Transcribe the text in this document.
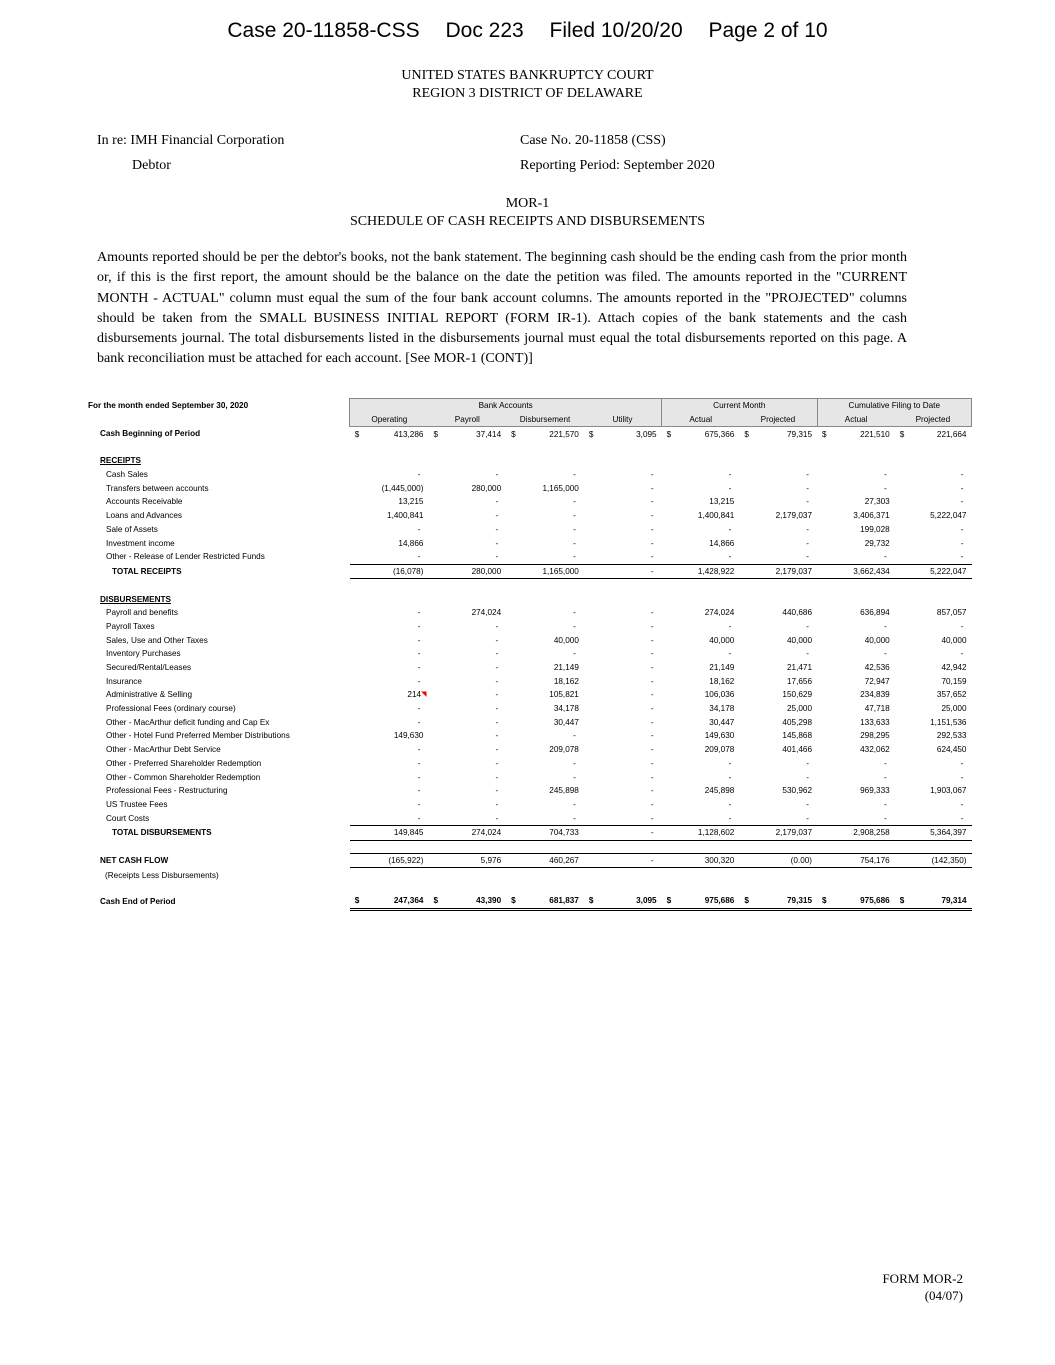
Case 20-11858-CSS Doc 223 Filed 10/20/20 Page 2 of 10
UNITED STATES BANKRUPTCY COURT
REGION 3 DISTRICT OF DELAWARE
In re: IMH Financial Corporation
Debtor
Case No. 20-11858 (CSS)
Reporting Period: September 2020
MOR-1
SCHEDULE OF CASH RECEIPTS AND DISBURSEMENTS
Amounts reported should be per the debtor's books, not the bank statement. The beginning cash should be the ending cash from the prior month or, if this is the first report, the amount should be the balance on the date the petition was filed. The amounts reported in the "CURRENT MONTH - ACTUAL" column must equal the sum of the four bank account columns. The amounts reported in the "PROJECTED" columns should be taken from the SMALL BUSINESS INITIAL REPORT (FORM IR-1). Attach copies of the bank statements and the cash disbursements journal. The total disbursements listed in the disbursements journal must equal the total disbursements reported on this page. A bank reconciliation must be attached for each account. [See MOR-1 (CONT)]
For the month ended September 30, 2020	Bank Accounts				Current Month		Cumulative Filing to Date	
	Operating	Payroll	Disbursement	Utility	Actual	Projected	Actual	Projected
Cash Beginning of Period	$ 413,286	$ 37,414	$ 221,570	$ 3,095	$ 675,366	$ 79,315	$ 221,510	$ 221,664

RECEIPTS								
Cash Sales	-	-	-	-	-	-	-	-
Transfers between accounts	(1,445,000)	280,000	1,165,000	-	-	-	-	-
Accounts Receivable	13,215	-	-	-	13,215	-	27,303	-
Loans and Advances	1,400,841	-	-	-	1,400,841	2,179,037	3,406,371	5,222,047
Sale of Assets	-	-	-	-	-	-	199,028	-
Investment income	14,866	-	-	-	14,866	-	29,732	-
Other - Release of Lender Restricted Funds	-	-	-	-	-	-	-	-
TOTAL RECEIPTS	(16,078)	280,000	1,165,000	-	1,428,922	2,179,037	3,662,434	5,222,047

DISBURSEMENTS								
Payroll and benefits	-	274,024	-	-	274,024	440,686	636,894	857,057
Payroll Taxes	-	-	-	-	-	-	-	-
Sales, Use and Other Taxes	-	-	40,000	-	40,000	40,000	40,000	40,000
Inventory Purchases	-	-	-	-	-	-	-	-
Secured/Rental/Leases	-	-	21,149	-	21,149	21,471	42,536	42,942
Insurance	-	-	18,162	-	18,162	17,656	72,947	70,159
Administrative & Selling	214◥	-	105,821	-	106,036	150,629	234,839	357,652
Professional Fees (ordinary course)	-	-	34,178	-	34,178	25,000	47,718	25,000
Other - MacArthur deficit funding and Cap Ex	-	-	30,447	-	30,447	405,298	133,633	1,151,536
Other - Hotel Fund Preferred Member Distributions	149,630	-	-	-	149,630	145,868	298,295	292,533
Other - MacArthur Debt Service	-	-	209,078	-	209,078	401,466	432,062	624,450
Other - Preferred Shareholder Redemption	-	-	-	-	-	-	-	-
Other - Common Shareholder Redemption	-	-	-	-	-	-	-	-
Professional Fees - Restructuring	-	-	245,898	-	245,898	530,962	969,333	1,903,067
US Trustee Fees	-	-	-	-	-	-	-	-
Court Costs	-	-	-	-	-	-	-	-
TOTAL DISBURSEMENTS	149,845	274,024	704,733	-	1,128,602	2,179,037	2,908,258	5,364,397

NET CASH FLOW	(165,922)	5,976	460,267	-	300,320	(0.00)	754,176	(142,350)
(Receipts Less Disbursements)								

Cash End of Period	$ 247,364	$ 43,390	$ 681,837	$ 3,095	$ 975,686	$ 79,315	$ 975,686	$ 79,314
FORM MOR-2
(04/07)
